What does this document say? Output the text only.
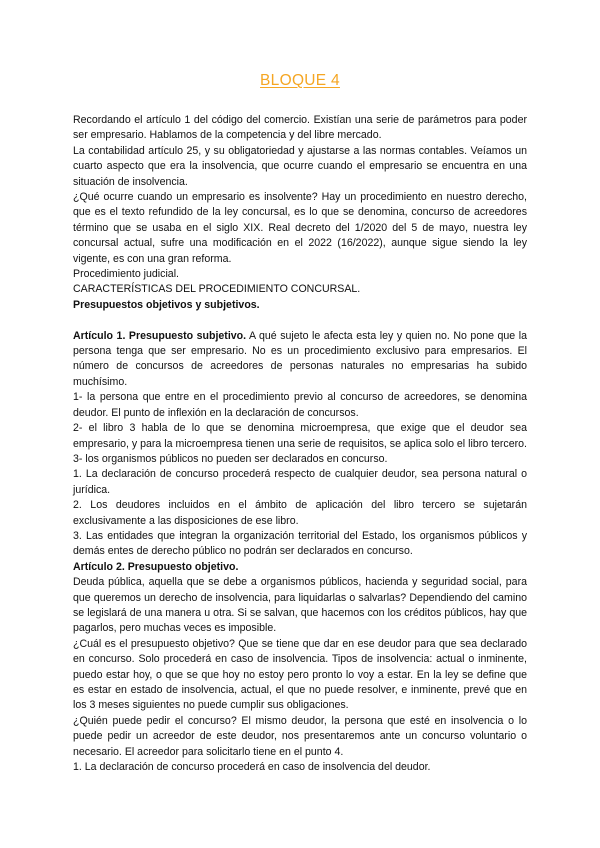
BLOQUE 4

Recordando el artículo 1 del código del comercio. Existían una serie de parámetros para poder ser empresario. Hablamos de la competencia y del libre mercado.

La contabilidad artículo 25, y su obligatoriedad y ajustarse a las normas contables. Veíamos un cuarto aspecto que era la insolvencia, que ocurre cuando el empresario se encuentra en una situación de insolvencia.

¿Qué ocurre cuando un empresario es insolvente? Hay un procedimiento en nuestro derecho, que es el texto refundido de la ley concursal, es lo que se denomina, concurso de acreedores término que se usaba en el siglo XIX. Real decreto del 1/2020 del 5 de mayo, nuestra ley concursal actual, sufre una modificación en el 2022 (16/2022), aunque sigue siendo la ley vigente, es con una gran reforma.

Procedimiento judicial.

CARACTERÍSTICAS DEL PROCEDIMIENTO CONCURSAL.

Presupuestos objetivos y subjetivos.

Artículo 1. Presupuesto subjetivo. A qué sujeto le afecta esta ley y quien no. No pone que la persona tenga que ser empresario. No es un procedimiento exclusivo para empresarios. El número de concursos de acreedores de personas naturales no empresarias ha subido muchísimo.

1- la persona que entre en el procedimiento previo al concurso de acreedores, se denomina deudor. El punto de inflexión en la declaración de concursos.

2- el libro 3 habla de lo que se denomina microempresa, que exige que el deudor sea empresario, y para la microempresa tienen una serie de requisitos, se aplica solo el libro tercero.

3- los organismos públicos no pueden ser declarados en concurso.

1. La declaración de concurso procederá respecto de cualquier deudor, sea persona natural o jurídica.

2. Los deudores incluidos en el ámbito de aplicación del libro tercero se sujetarán exclusivamente a las disposiciones de ese libro.

3. Las entidades que integran la organización territorial del Estado, los organismos públicos y demás entes de derecho público no podrán ser declarados en concurso.

Artículo 2. Presupuesto objetivo.

Deuda pública, aquella que se debe a organismos públicos, hacienda y seguridad social, para que queremos un derecho de insolvencia, para liquidarlas o salvarlas? Dependiendo del camino se legislará de una manera u otra. Si se salvan, que hacemos con los créditos públicos, hay que pagarlos, pero muchas veces es imposible.

¿Cuál es el presupuesto objetivo? Que se tiene que dar en ese deudor para que sea declarado en concurso. Solo procederá en caso de insolvencia. Tipos de insolvencia: actual o inminente, puedo estar hoy, o que se que hoy no estoy pero pronto lo voy a estar. En la ley se define que es estar en estado de insolvencia, actual, el que no puede resolver, e inminente, prevé que en los 3 meses siguientes no puede cumplir sus obligaciones.

¿Quién puede pedir el concurso? El mismo deudor, la persona que esté en insolvencia o lo puede pedir un acreedor de este deudor, nos presentaremos ante un concurso voluntario o necesario. El acreedor para solicitarlo tiene en el punto 4.

1. La declaración de concurso procederá en caso de insolvencia del deudor.
